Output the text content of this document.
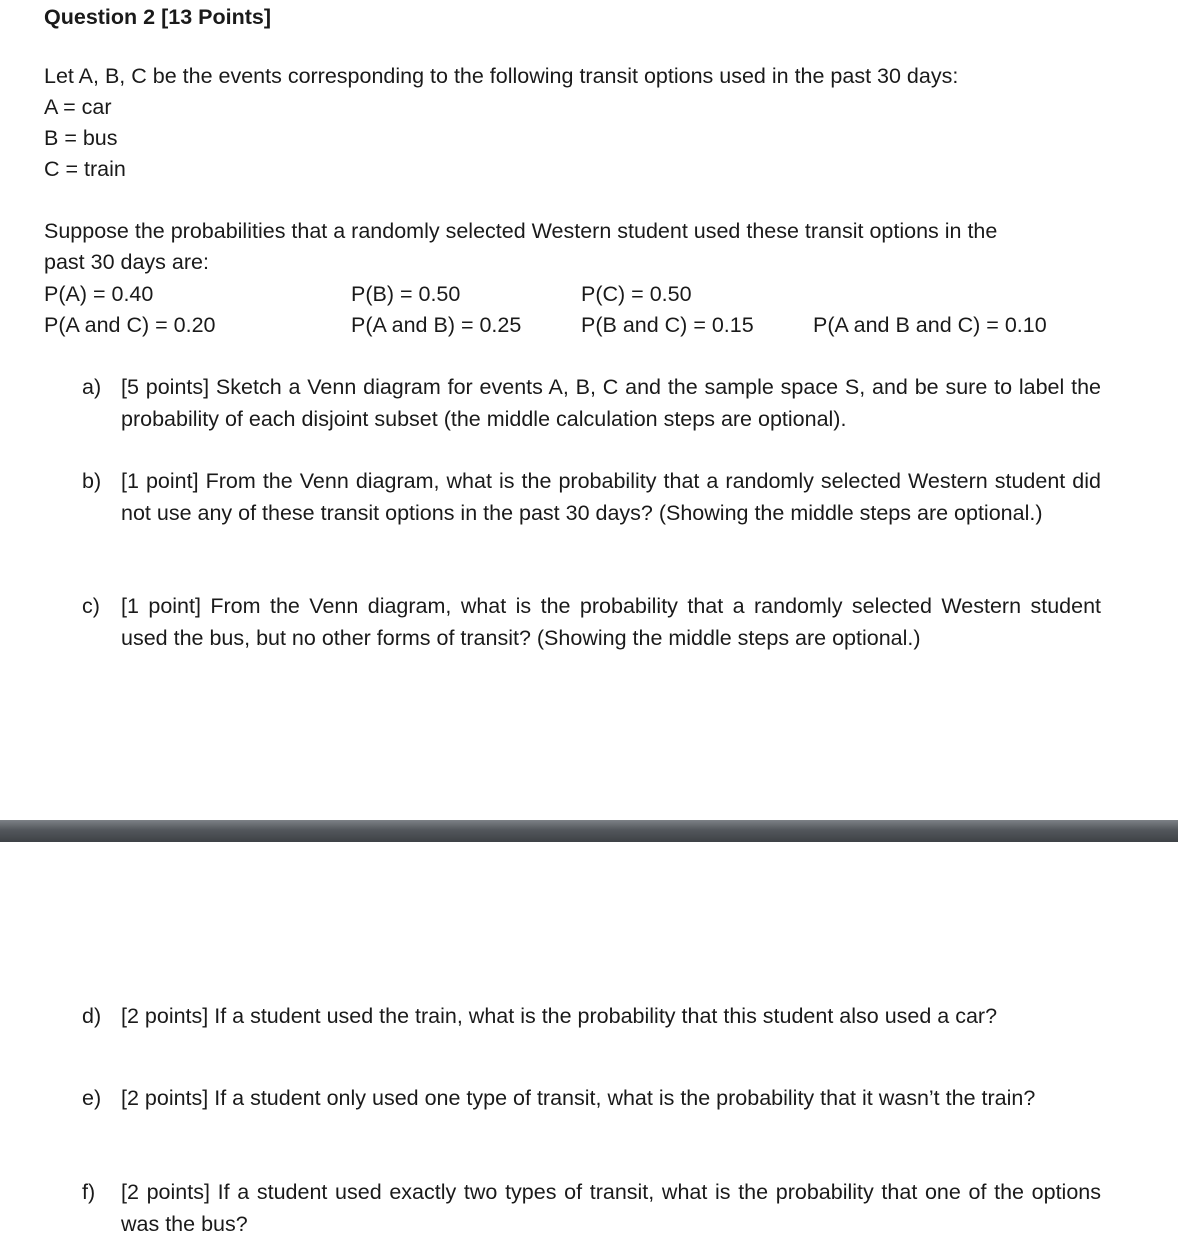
Question 2 [13 Points]
Let A, B, C be the events corresponding to the following transit options used in the past 30 days:
A = car
B = bus
C = train
Suppose the probabilities that a randomly selected Western student used these transit options in the
past 30 days are:
P(A) = 0.40	P(B) = 0.50	P(C) = 0.50
P(A and C) = 0.20	P(A and B) = 0.25	P(B and C) = 0.15	P(A and B and C) = 0.10
a) [5 points] Sketch a Venn diagram for events A, B, C and the sample space S, and be sure to label the probability of each disjoint subset (the middle calculation steps are optional).
b) [1 point] From the Venn diagram, what is the probability that a randomly selected Western student did not use any of these transit options in the past 30 days? (Showing the middle steps are optional.)
c) [1 point] From the Venn diagram, what is the probability that a randomly selected Western student used the bus, but no other forms of transit? (Showing the middle steps are optional.)
d) [2 points] If a student used the train, what is the probability that this student also used a car?
e) [2 points] If a student only used one type of transit, what is the probability that it wasn’t the train?
f) [2 points] If a student used exactly two types of transit, what is the probability that one of the options was the bus?
